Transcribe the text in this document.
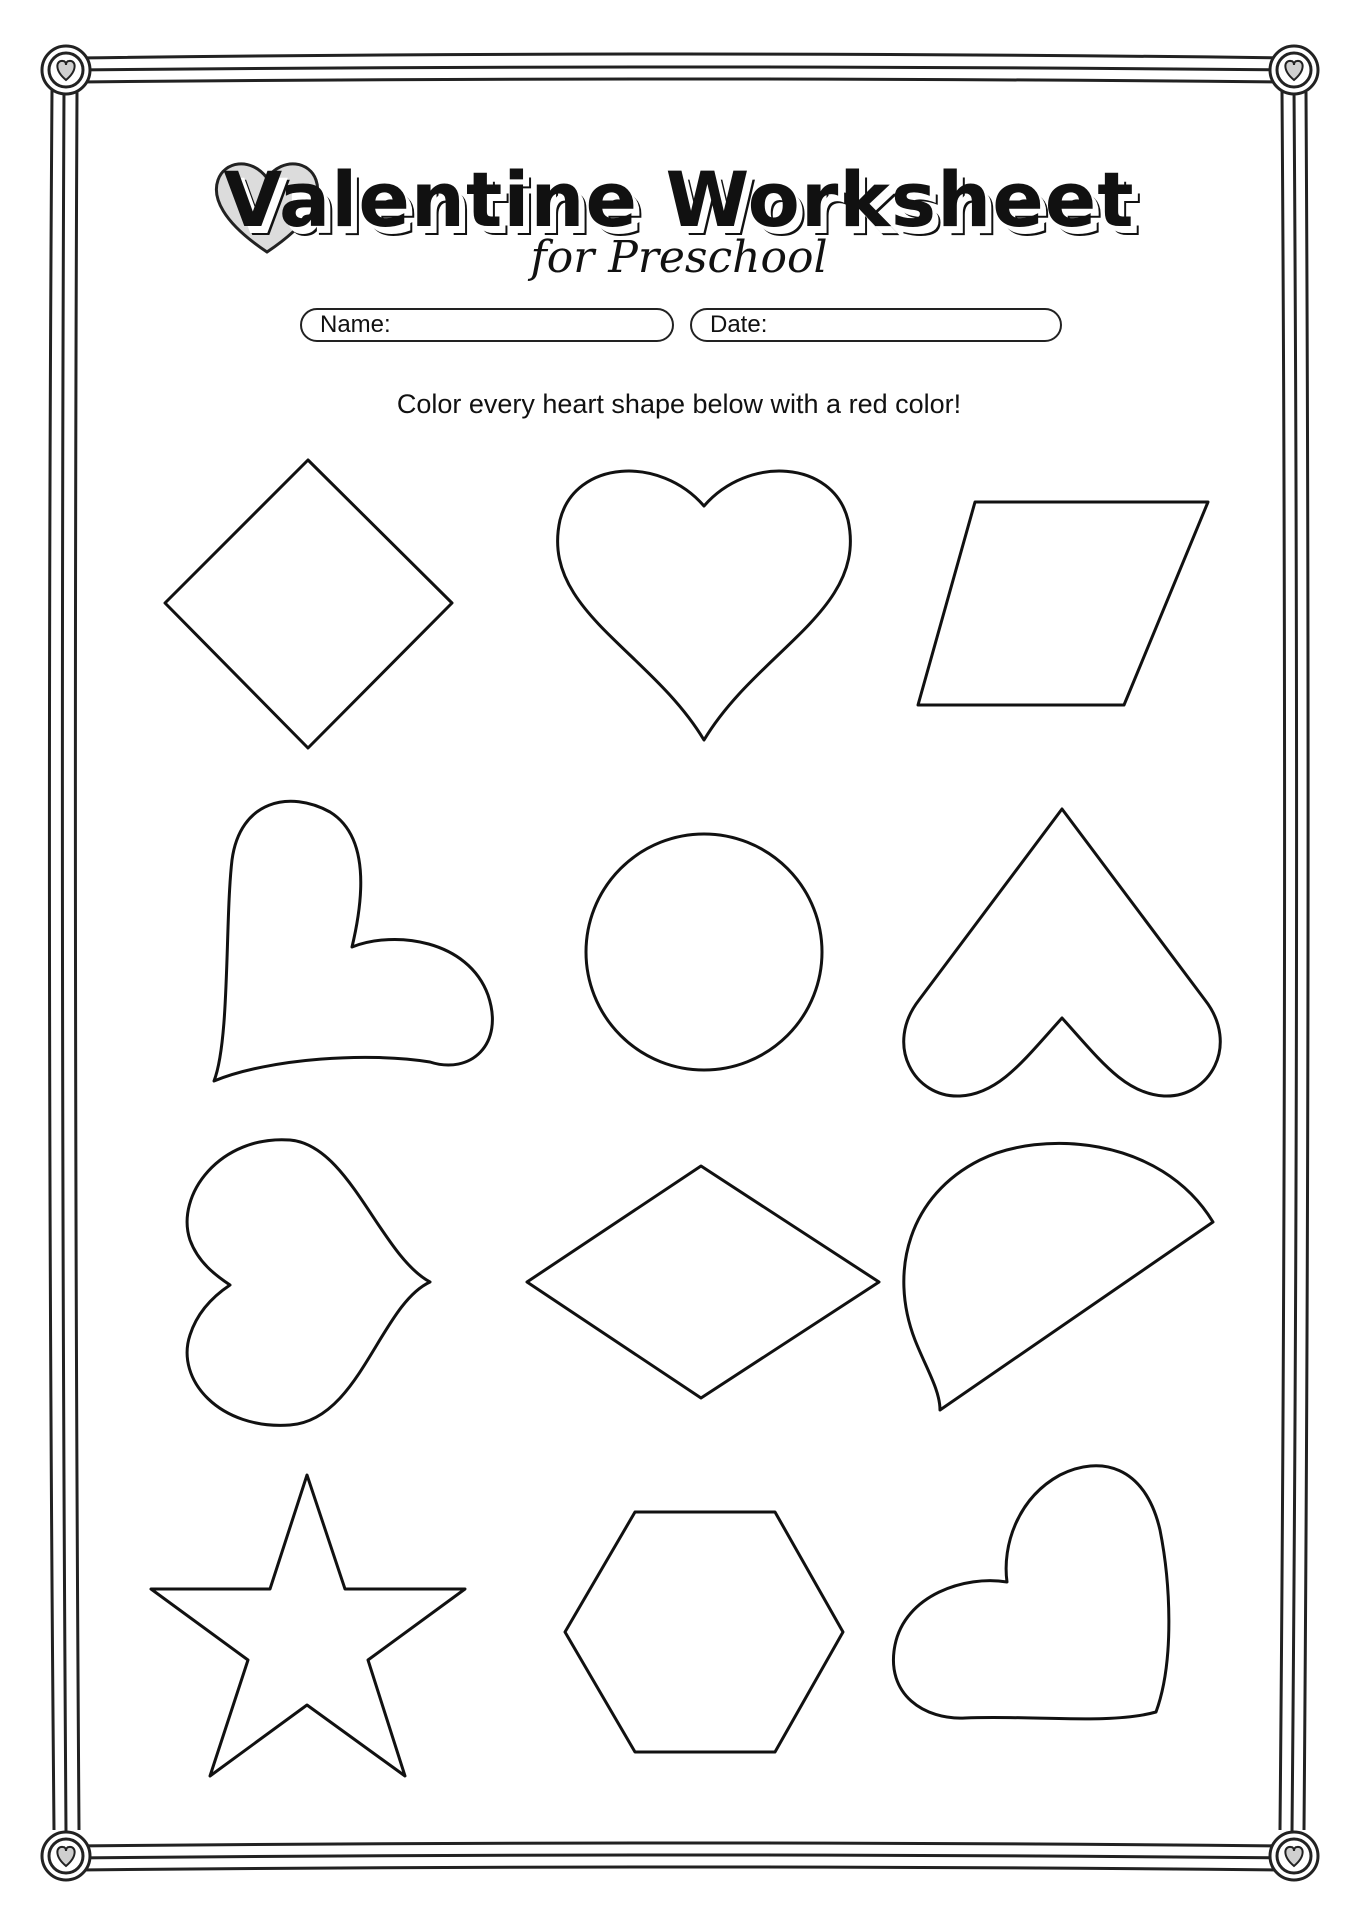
Valentine Worksheet
for Preschool
Name:	Date:
Color every heart shape below with a red color!
